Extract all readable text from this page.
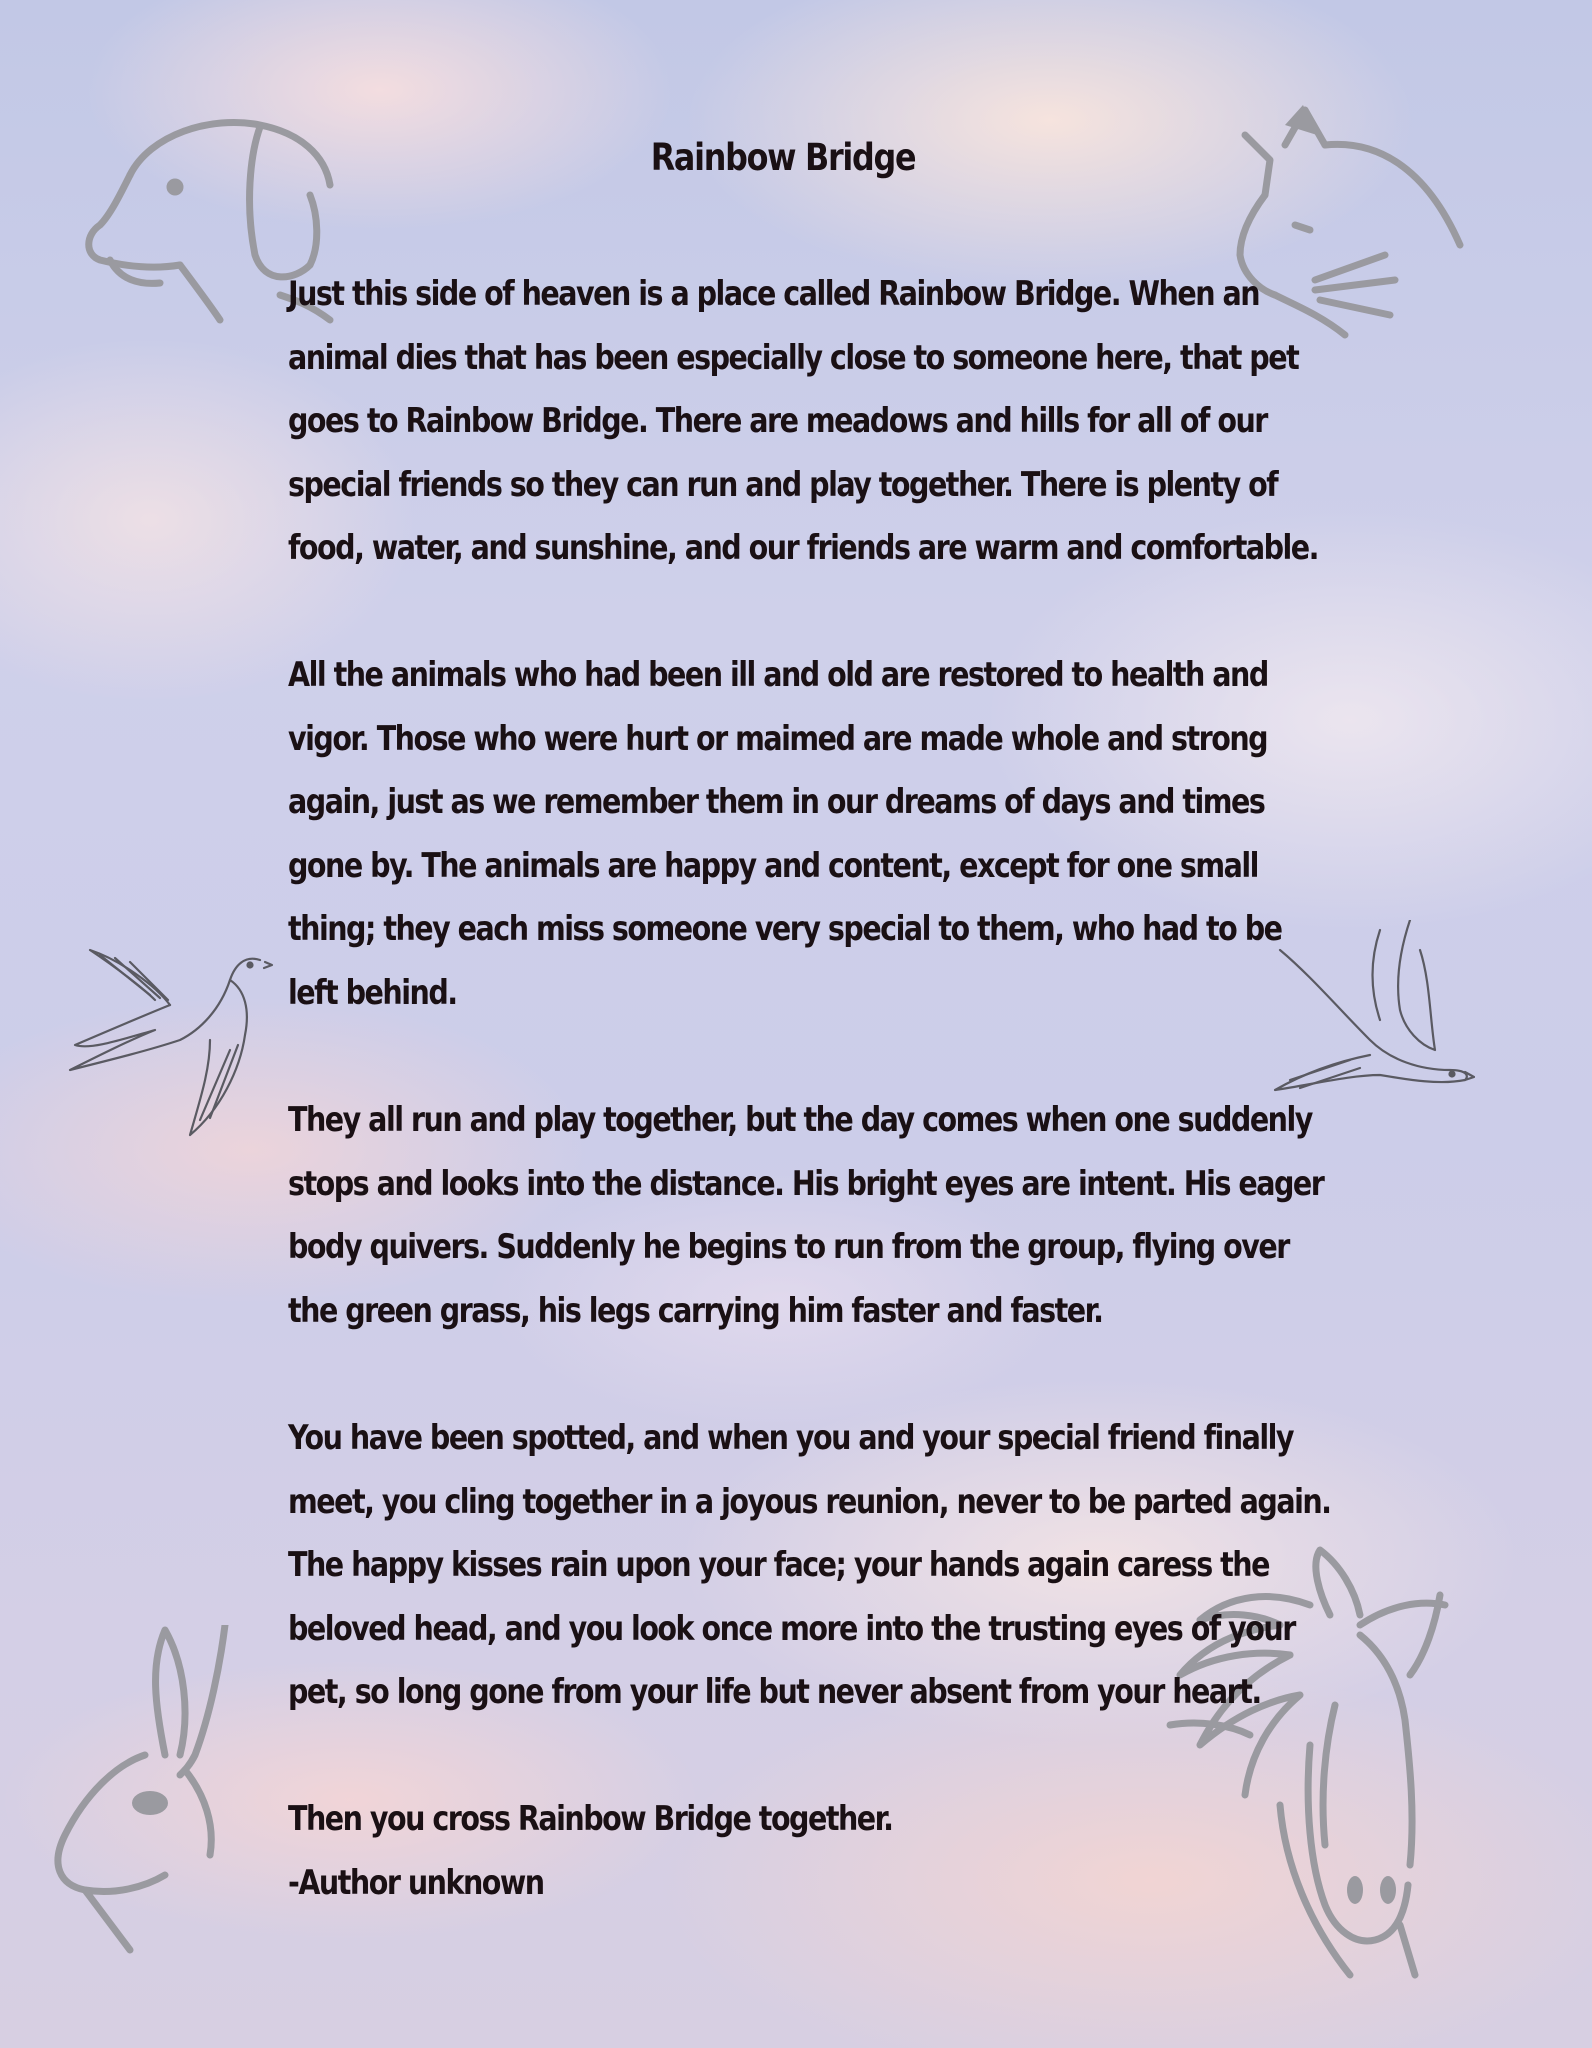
Rainbow Bridge

Just this side of heaven is a place called Rainbow Bridge. When an
animal dies that has been especially close to someone here, that pet
goes to Rainbow Bridge. There are meadows and hills for all of our
special friends so they can run and play together. There is plenty of
food, water, and sunshine, and our friends are warm and comfortable.

All the animals who had been ill and old are restored to health and
vigor. Those who were hurt or maimed are made whole and strong
again, just as we remember them in our dreams of days and times
gone by. The animals are happy and content, except for one small
thing; they each miss someone very special to them, who had to be
left behind.

They all run and play together, but the day comes when one suddenly
stops and looks into the distance. His bright eyes are intent. His eager
body quivers. Suddenly he begins to run from the group, flying over
the green grass, his legs carrying him faster and faster.

You have been spotted, and when you and your special friend finally
meet, you cling together in a joyous reunion, never to be parted again.
The happy kisses rain upon your face; your hands again caress the
beloved head, and you look once more into the trusting eyes of your
pet, so long gone from your life but never absent from your heart.

Then you cross Rainbow Bridge together.
-Author unknown
